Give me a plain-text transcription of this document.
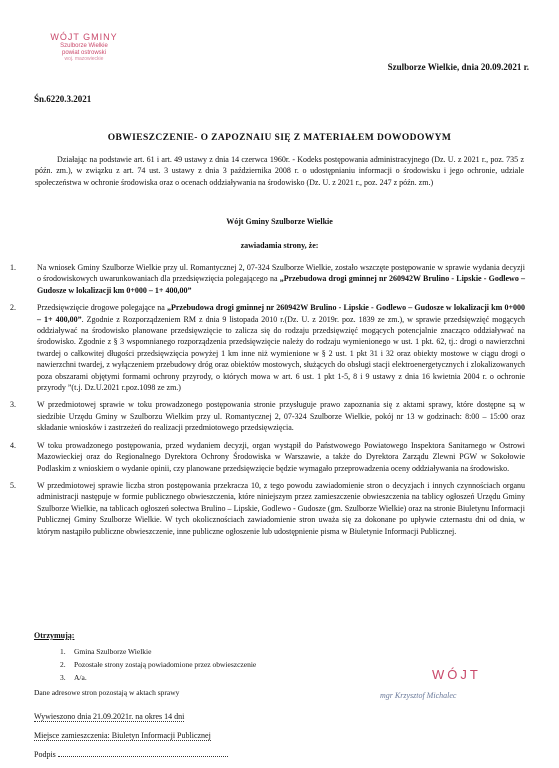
WÓJT GMINY
Szulborze Wielkie
powiat ostrowski
woj. mazowieckie
Szulborze Wielkie, dnia 20.09.2021 r.
Śn.6220.3.2021
OBWIESZCZENIE- O ZAPOZNAIU SIĘ Z MATERIAŁEM DOWODOWYM
Działając na podstawie art. 61 i art. 49 ustawy z dnia 14 czerwca 1960r. - Kodeks postępowania administracyjnego (Dz. U. z 2021 r., poz. 735 z późn. zm.), w związku z art. 74 ust. 3 ustawy z dnia 3 października 2008 r. o udostępnianiu informacji o środowisku i jego ochronie, udziale społeczeństwa w ochronie środowiska oraz o ocenach oddziaływania na środowisko (Dz. U. z 2021 r., poz. 247 z późn. zm.)
Wójt Gminy Szulborze Wielkie
zawiadamia strony, że:
1.	Na wniosek Gminy Szulborze Wielkie przy ul. Romantycznej 2, 07-324 Szulborze Wielkie, zostało wszczęte postępowanie w sprawie wydania decyzji o środowiskowych uwarunkowaniach dla przedsięwzięcia polegającego na „Przebudowa drogi gminnej nr 260942W Brulino - Lipskie - Godlewo – Gudosze w lokalizacji km 0+000 – 1+ 400,00”
2.	Przedsięwzięcie drogowe polegające na „Przebudowa drogi gminnej nr 260942W Brulino - Lipskie - Godlewo – Gudosze w lokalizacji km 0+000 – 1+ 400,00”. Zgodnie z Rozporządzeniem RM z dnia 9 listopada 2010 r.(Dz. U. z 2019r. poz. 1839 ze zm.), w sprawie przedsięwzięć mogących oddziaływać na środowisko planowane przedsięwzięcie to zalicza się do rodzaju przedsięwzięć mogących potencjalnie znacząco oddziaływać na środowisko. Zgodnie z § 3 wspomnianego rozporządzenia przedsięwzięcie należy do rodzaju wymienionego w ust. 1 pkt. 62, tj.: drogi o nawierzchni twardej o całkowitej długości przedsięwzięcia powyżej 1 km inne niż wymienione w § 2 ust. 1 pkt 31 i 32 oraz obiekty mostowe w ciągu drogi o nawierzchni twardej, z wyłączeniem przebudowy dróg oraz obiektów mostowych, służących do obsługi stacji elektroenergetycznych i zlokalizowanych poza obszarami objętymi formami ochrony przyrody, o których mowa w art. 6 ust. 1 pkt 1-5, 8 i 9 ustawy z dnia 16 kwietnia 2004 r. o ochronie przyrody ”(t.j. Dz.U.2021 r.poz.1098 ze zm.)
3.	W przedmiotowej sprawie w toku prowadzonego postępowania stronie przysługuje prawo zapoznania się z aktami sprawy, które dostępne są w siedzibie Urzędu Gminy w Szulborzu Wielkim przy ul. Romantycznej 2, 07-324 Szulborze Wielkie, pokój nr 13 w godzinach: 8:00 – 15:00 oraz składanie wniosków i zastrzeżeń do realizacji przedmiotowego przedsięwzięcia.
4.	W toku prowadzonego postępowania, przed wydaniem decyzji, organ wystąpił do Państwowego Powiatowego Inspektora Sanitarnego w Ostrowi Mazowieckiej oraz do Regionalnego Dyrektora Ochrony Środowiska w Warszawie, a także do Dyrektora Zarządu Zlewni PGW w Sokołowie Podlaskim z wnioskiem o wydanie opinii, czy planowane przedsięwzięcie będzie wymagało przeprowadzenia oceny oddziaływania na środowisko.
5.	W przedmiotowej sprawie liczba stron postępowania przekracza 10, z tego powodu zawiadomienie stron o decyzjach i innych czynnościach organu administracji następuje w formie publicznego obwieszczenia, które niniejszym przez zamieszczenie obwieszczenia na tablicy ogłoszeń Urzędu Gminy Szulborze Wielkie, na tablicach ogłoszeń sołectwa Brulino – Lipskie, Godlewo - Gudosze (gm. Szulborze Wielkie) oraz na stronie Biuletynu Informacji Publicznej Gminy Szulborze Wielkie. W tych okolicznościach zawiadomienie stron uważa się za dokonane po upływie czternastu dni od dnia, w którym nastąpiło publiczne obwieszczenie, inne publiczne ogłoszenie lub udostępnienie pisma w Biuletynie Informacji Publicznej.
Otrzymują:
1. Gmina Szulborze Wielkie
2. Pozostałe strony zostają powiadomione przez obwieszczenie
3. A/a.
Dane adresowe stron pozostają w aktach sprawy
WÓJT
mgr Krzysztof Michalec
Wywieszono dnia 21.09.2021r. na okres 14 dni
Miejsce zamieszczenia: Biuletyn Informacji Publicznej
Podpis
